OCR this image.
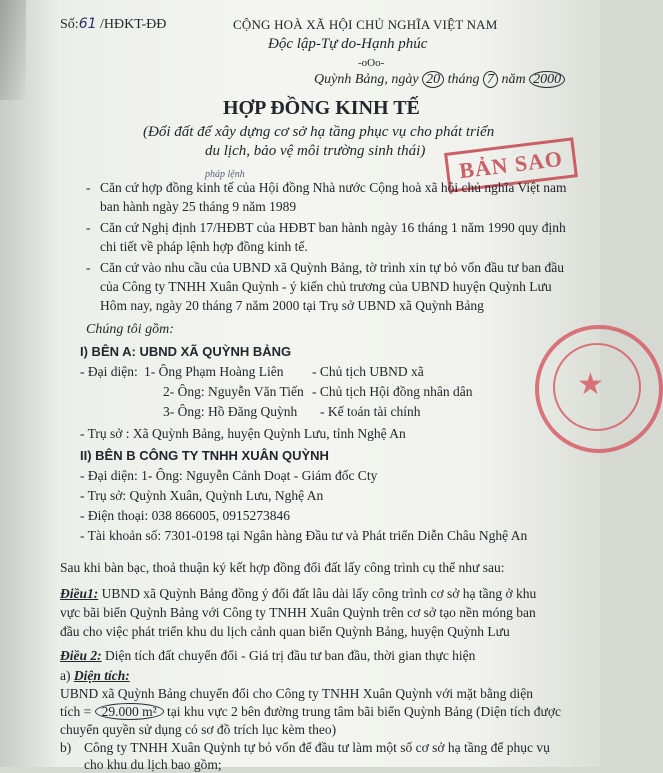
Số:61 /HĐKT-ĐĐ	CỘNG HOÀ XÃ HỘI CHỦ NGHĨA VIỆT NAM
Độc lập-Tự do-Hạnh phúc
-oOo-
Quỳnh Bảng, ngày 20 tháng 7 năm 2000
HỢP ĐỒNG KINH TẾ
(Đổi đất để xây dựng cơ sở hạ tầng phục vụ cho phát triển
du lịch, bảo vệ môi trường sinh thái)	BẢN SAO
pháp lệnh
- Căn cứ hợp đồng kinh tế của Hội đồng Nhà nước Cộng hoà xã hội chủ nghĩa Việt nam
ban hành ngày 25 tháng 9 năm 1989
- Căn cứ Nghị định 17/HĐBT của HĐBT ban hành ngày 16 tháng 1 năm 1990 quy định
chi tiết về pháp lệnh hợp đồng kinh tế.
- Căn cứ vào nhu cầu của UBND xã Quỳnh Bảng, tờ trình xin tự bỏ vốn đầu tư ban đầu
của Công ty TNHH Xuân Quỳnh - ý kiến chủ trương của UBND huyện Quỳnh Lưu
Hôm nay, ngày 20 tháng 7 năm 2000 tại Trụ sở UBND xã Quỳnh Bảng
Chúng tôi gồm:
I) BÊN A: UBND XÃ QUỲNH BẢNG
- Đại diện: 1- Ông Phạm Hoàng Liên - Chủ tịch UBND xã
2- Ông: Nguyễn Văn Tiến - Chủ tịch Hội đồng nhân dân
3- Ông: Hồ Đăng Quỳnh - Kế toán tài chính
- Trụ sở : Xã Quỳnh Bảng, huyện Quỳnh Lưu, tỉnh Nghệ An
II) BÊN B CÔNG TY TNHH XUÂN QUỲNH
- Đại diện: 1- Ông: Nguyễn Cảnh Doạt - Giám đốc Cty
- Trụ sở: Quỳnh Xuân, Quỳnh Lưu, Nghệ An
- Điện thoại: 038 866005, 0915273846
- Tài khoản số: 7301-0198 tại Ngân hàng Đầu tư và Phát triển Diễn Châu Nghệ An
Sau khi bàn bạc, thoả thuận ký kết hợp đồng đổi đất lấy công trình cụ thể như sau:
Điều1: UBND xã Quỳnh Bảng đồng ý đổi đất lâu dài lấy công trình cơ sở hạ tầng ở khu
vực bãi biển Quỳnh Bảng với Công ty TNHH Xuân Quỳnh trên cơ sở tạo nền móng ban
đầu cho việc phát triển khu du lịch cảnh quan biển Quỳnh Bảng, huyện Quỳnh Lưu
Điều 2: Diện tích đất chuyển đổi - Giá trị đầu tư ban đầu, thời gian thực hiện
a) Diện tích:
UBND xã Quỳnh Bảng chuyển đổi cho Công ty TNHH Xuân Quỳnh với mặt bằng diện
tích = 29.000 m² tại khu vực 2 bên đường trung tâm bãi biển Quỳnh Bảng (Diện tích được
chuyển quyền sử dụng có sơ đồ trích lục kèm theo)
b) Công ty TNHH Xuân Quỳnh tự bỏ vốn để đầu tư làm một số cơ sở hạ tầng để phục vụ
cho khu du lịch bao gồm;
★
